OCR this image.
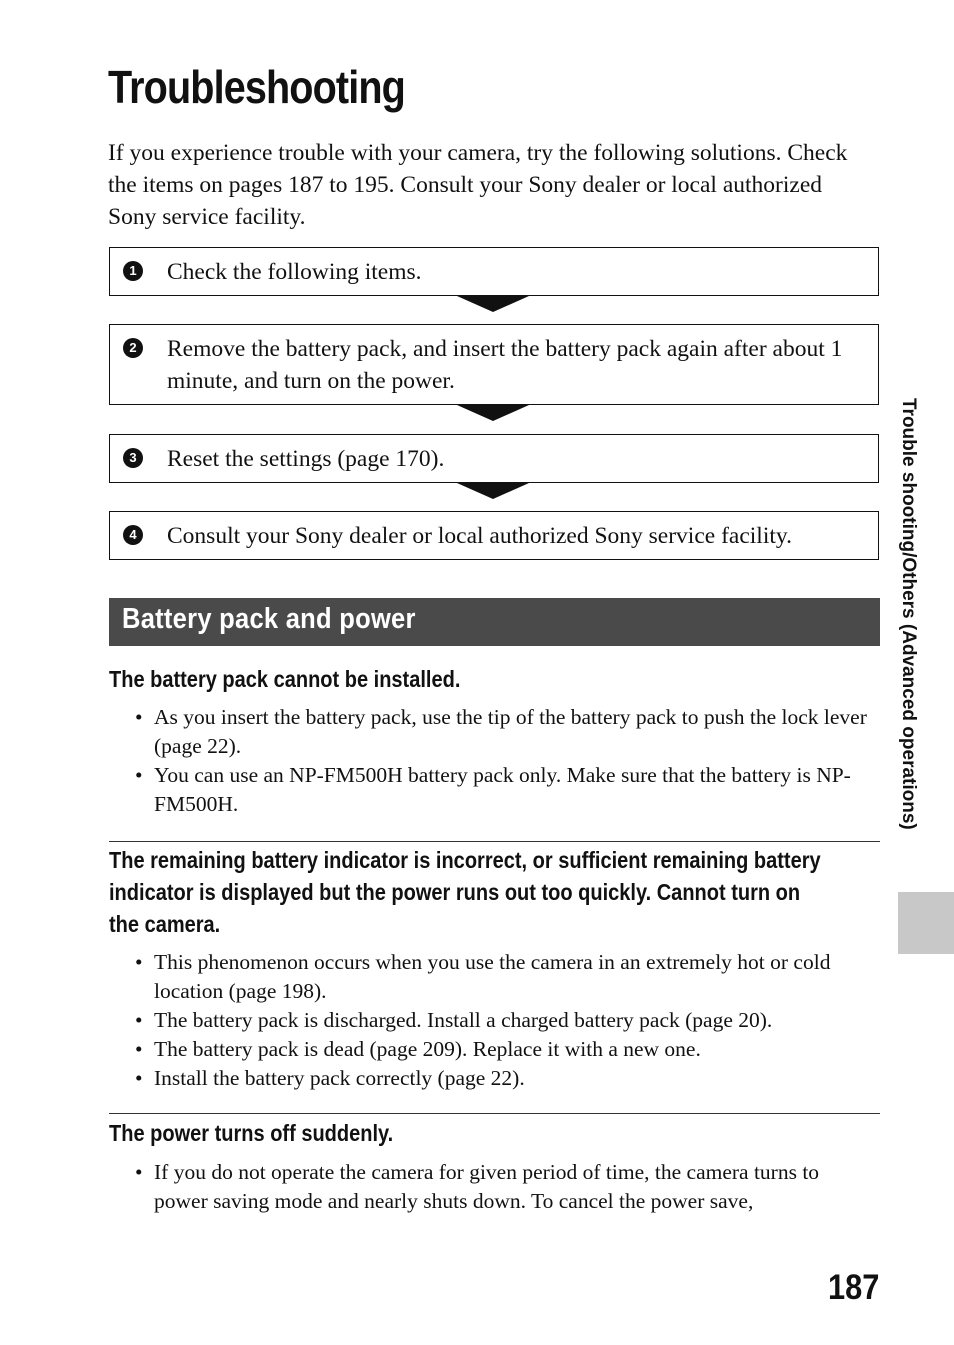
Troubleshooting

If you experience trouble with your camera, try the following solutions. Check the items on pages 187 to 195. Consult your Sony dealer or local authorized Sony service facility.

1 Check the following items.
2 Remove the battery pack, and insert the battery pack again after about 1 minute, and turn on the power.
3 Reset the settings (page 170).
4 Consult your Sony dealer or local authorized Sony service facility.
Battery pack and power
The battery pack cannot be installed.
• As you insert the battery pack, use the tip of the battery pack to push the lock lever (page 22).
• You can use an NP-FM500H battery pack only. Make sure that the battery is NP-FM500H.
The remaining battery indicator is incorrect, or sufficient remaining battery indicator is displayed but the power runs out too quickly. Cannot turn on the camera.
• This phenomenon occurs when you use the camera in an extremely hot or cold location (page 198).
• The battery pack is discharged. Install a charged battery pack (page 20).
• The battery pack is dead (page 209). Replace it with a new one.
• Install the battery pack correctly (page 22).
The power turns off suddenly.
• If you do not operate the camera for given period of time, the camera turns to power saving mode and nearly shuts down. To cancel the power save,
Trouble shooting/Others (Advanced operations)
187
